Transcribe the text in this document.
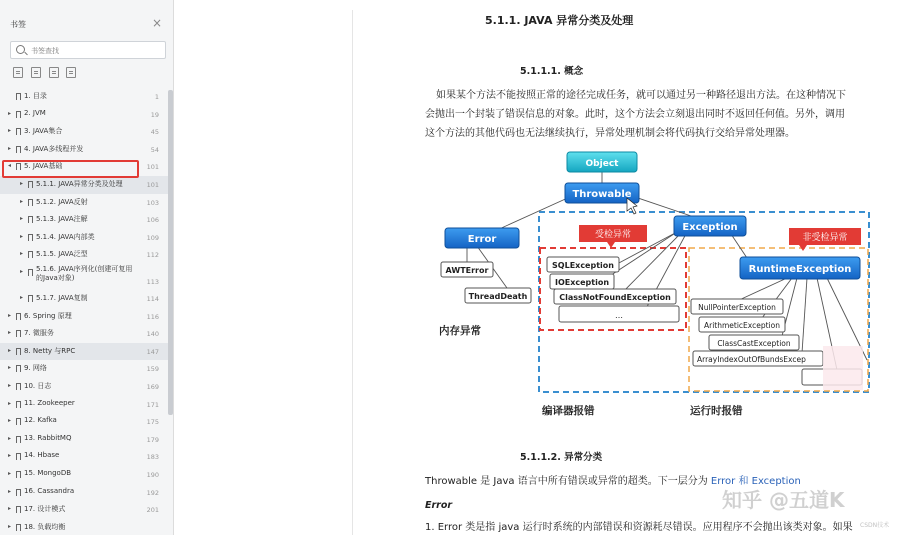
书签	×
书签查找
1. 目录	1
▸ 2. JVM	19
▸ 3. JAVA集合	45
▸ 4. JAVA多线程并发	54
◂ 5. JAVA基础	101
▸ 5.1.1. JAVA异常分类及处理	101
▸ 5.1.2. JAVA反射	103
▸ 5.1.3. JAVA注解	106
▸ 5.1.4. JAVA内部类	109
▸ 5.1.5. JAVA泛型	112
▸ 5.1.6. JAVA序列化(创建可复用的Java对象)	113
▸ 5.1.7. JAVA复制	114
▸ 6. Spring 原理	116
▸ 7. 微服务	140
▸ 8. Netty 与RPC	147
▸ 9. 网络	159
▸ 10. 日志	169
▸ 11. Zookeeper	171
▸ 12. Kafka	175
▸ 13. RabbitMQ	179
▸ 14. Hbase	183
▸ 15. MongoDB	190
▸ 16. Cassandra	192
▸ 17. 设计模式	201
▸ 18. 负载均衡
5.1.1. JAVA 异常分类及处理
5.1.1.1. 概念
如果某个方法不能按照正常的途径完成任务，就可以通过另一种路径退出方法。在这种情况下
会抛出一个封装了错误信息的对象。此时，这个方法会立刻退出同时不返回任何值。另外，调用
这个方法的其他代码也无法继续执行，异常处理机制会将代码执行交给异常处理器。
Object
Throwable
Error
Exception
RuntimeException
受检异常	非受检异常
AWTError
ThreadDeath
SQLException
IOException
ClassNotFoundException
…
NullPointerException
ArithmeticException
ClassCastException
ArrayIndexOutOfBundsExcep
内存异常
编译器报错	运行时报错
5.1.1.2. 异常分类
Throwable 是 Java 语言中所有错误或异常的超类。下一层分为 Error 和 Exception
Error
1. Error 类是指 java 运行时系统的内部错误和资源耗尽错误。应用程序不会抛出该类对象。如果
知乎 @五道K
CSDN技术
